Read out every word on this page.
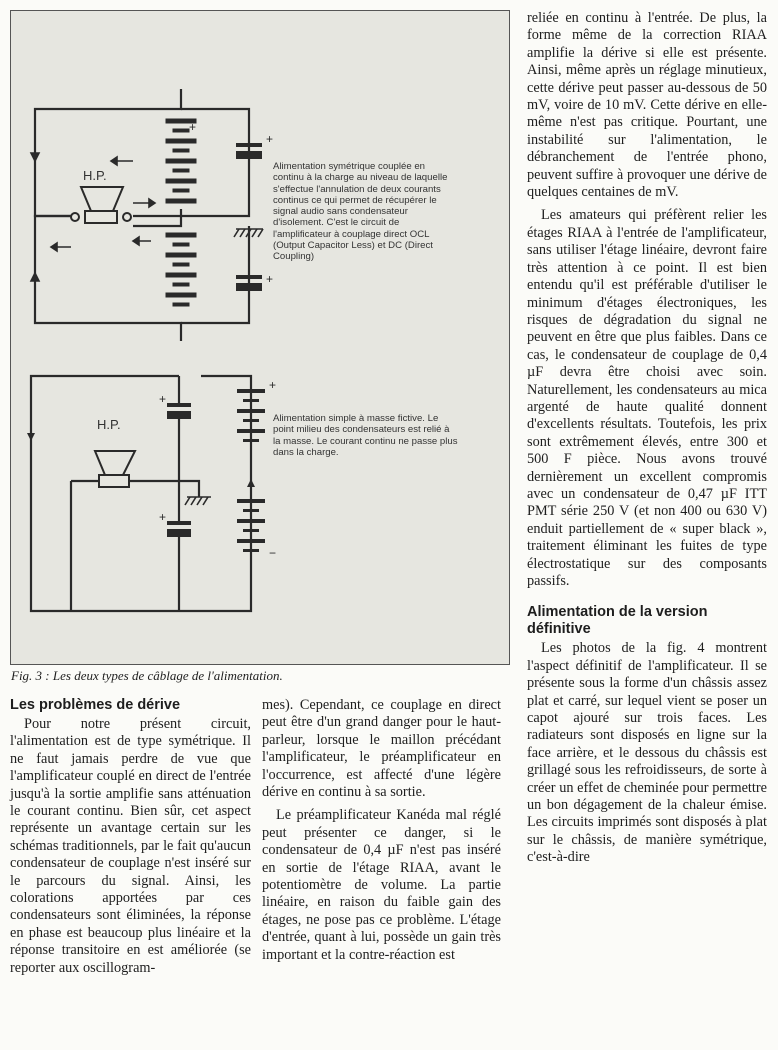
+
+
+
+
−
+
+
H.P.
H.P.
Alimentation symétrique couplée en continu à la charge au niveau de laquelle s'effectue l'annulation de deux courants continus ce qui permet de récupérer le signal audio sans condensateur d'isolement. C'est le circuit de l'amplificateur à couplage direct OCL (Output Capacitor Less) et DC (Direct Coupling)
Alimentation simple à masse fictive. Le point milieu des condensateurs est relié à la masse. Le courant continu ne passe plus dans la charge.
Fig. 3 : Les deux types de câblage de l'alimentation.
Les problèmes de dérive

Pour notre présent circuit, l'alimentation est de type symétrique. Il ne faut jamais perdre de vue que l'amplificateur couplé en direct de l'entrée jusqu'à la sortie amplifie sans atténuation le courant continu. Bien sûr, cet aspect représente un avantage certain sur les schémas traditionnels, par le fait qu'aucun condensateur de couplage n'est inséré sur le parcours du signal. Ainsi, les colorations apportées par ces condensateurs sont éliminées, la réponse en phase est beaucoup plus linéaire et la réponse transitoire en est améliorée (se reporter aux oscillogram-

mes). Cependant, ce couplage en direct peut être d'un grand danger pour le haut-parleur, lorsque le maillon précédant l'amplificateur, le préamplificateur en l'occurrence, est affecté d'une légère dérive en continu à sa sortie.

Le préamplificateur Kanéda mal réglé peut présenter ce danger, si le condensateur de 0,4 µF n'est pas inséré en sortie de l'étage RIAA, avant le potentiomètre de volume. La partie linéaire, en raison du faible gain des étages, ne pose pas ce problème. L'étage d'entrée, quant à lui, possède un gain très important et la contre-réaction est

reliée en continu à l'entrée. De plus, la forme même de la correction RIAA amplifie la dérive si elle est présente. Ainsi, même après un réglage minutieux, cette dérive peut passer au-dessous de 50 mV, voire de 10 mV. Cette dérive en elle-même n'est pas critique. Pourtant, une instabilité sur l'alimentation, le débranchement de l'entrée phono, peuvent suffire à provoquer une dérive de quelques centaines de mV.

Les amateurs qui préfèrent relier les étages RIAA à l'entrée de l'amplificateur, sans utiliser l'étage linéaire, devront faire très attention à ce point. Il est bien entendu qu'il est préférable d'utiliser le minimum d'étages électroniques, les risques de dégradation du signal ne peuvent en être que plus faibles. Dans ce cas, le condensateur de couplage de 0,4 µF devra être choisi avec soin. Naturellement, les condensateurs au mica argenté de haute qualité donnent d'excellents résultats. Toutefois, les prix sont extrêmement élevés, entre 300 et 500 F pièce. Nous avons trouvé dernièrement un excellent compromis avec un condensateur de 0,47 µF ITT PMT série 250 V (et non 400 ou 630 V) enduit partiellement de « super black », traitement éliminant les fuites de type électrostatique sur des composants passifs.

Alimentation de la version définitive

Les photos de la fig. 4 montrent l'aspect définitif de l'amplificateur. Il se présente sous la forme d'un châssis assez plat et carré, sur lequel vient se poser un capot ajouré sur trois faces. Les radiateurs sont disposés en ligne sur la face arrière, et le dessous du châssis est grillagé sous les refroidisseurs, de sorte à créer un effet de cheminée pour permettre un bon dégagement de la chaleur émise. Les circuits imprimés sont disposés à plat sur le châssis, de manière symétrique, c'est-à-dire
